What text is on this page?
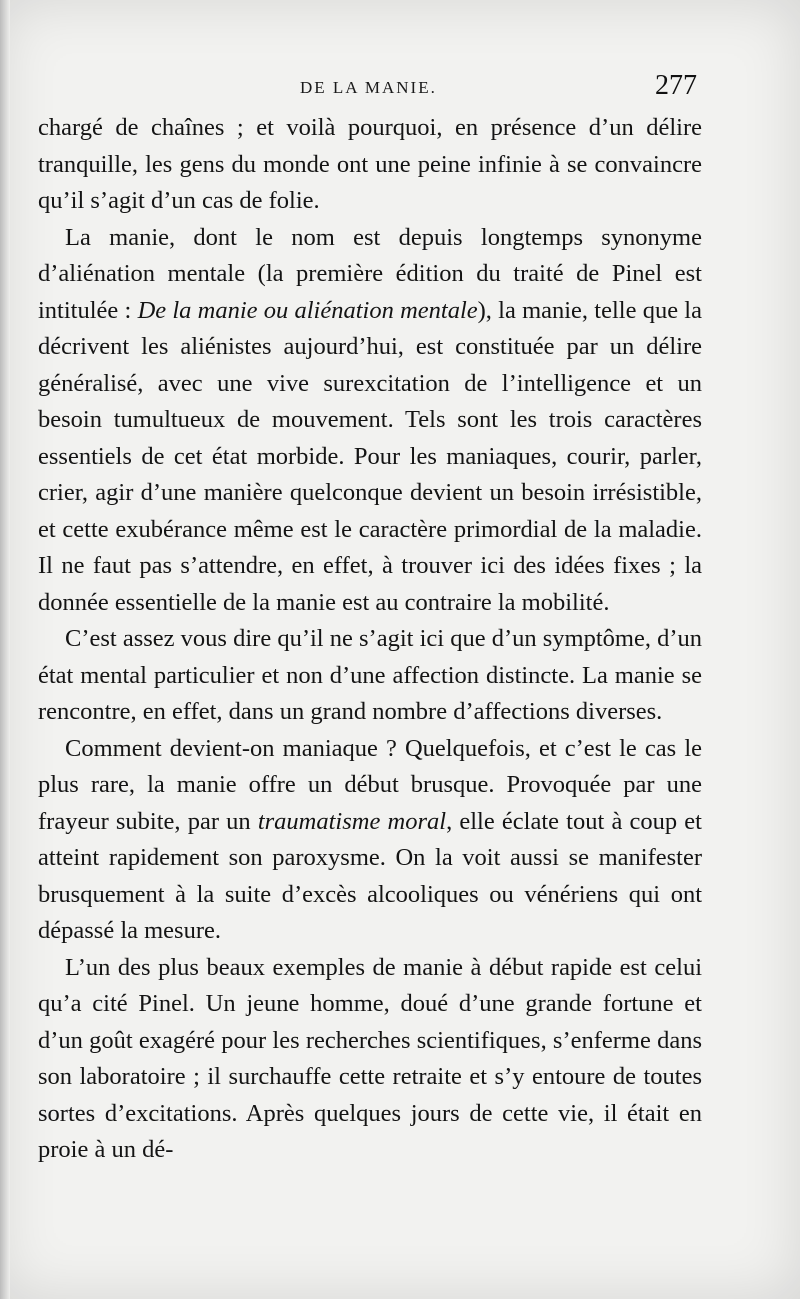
DE LA MANIE.	277

chargé de chaînes ; et voilà pourquoi, en présence d’un délire tranquille, les gens du monde ont une peine infinie à se convaincre qu’il s’agit d’un cas de folie.

La manie, dont le nom est depuis longtemps synonyme d’aliénation mentale (la première édition du traité de Pinel est intitulée : De la manie ou aliénation mentale), la manie, telle que la décrivent les aliénistes aujourd’hui, est constituée par un délire généralisé, avec une vive surexcitation de l’intelligence et un besoin tumultueux de mouvement. Tels sont les trois caractères essentiels de cet état morbide. Pour les maniaques, courir, parler, crier, agir d’une manière quelconque devient un besoin irrésistible, et cette exubérance même est le caractère primordial de la maladie. Il ne faut pas s’attendre, en effet, à trouver ici des idées fixes ; la donnée essentielle de la manie est au contraire la mobilité.

C’est assez vous dire qu’il ne s’agit ici que d’un symptôme, d’un état mental particulier et non d’une affection distincte. La manie se rencontre, en effet, dans un grand nombre d’affections diverses.

Comment devient-on maniaque ? Quelquefois, et c’est le cas le plus rare, la manie offre un début brusque. Provoquée par une frayeur subite, par un traumatisme moral, elle éclate tout à coup et atteint rapidement son paroxysme. On la voit aussi se manifester brusquement à la suite d’excès alcooliques ou vénériens qui ont dépassé la mesure.

L’un des plus beaux exemples de manie à début rapide est celui qu’a cité Pinel. Un jeune homme, doué d’une grande fortune et d’un goût exagéré pour les recherches scientifiques, s’enferme dans son laboratoire ; il surchauffe cette retraite et s’y entoure de toutes sortes d’excitations. Après quelques jours de cette vie, il était en proie à un dé-
